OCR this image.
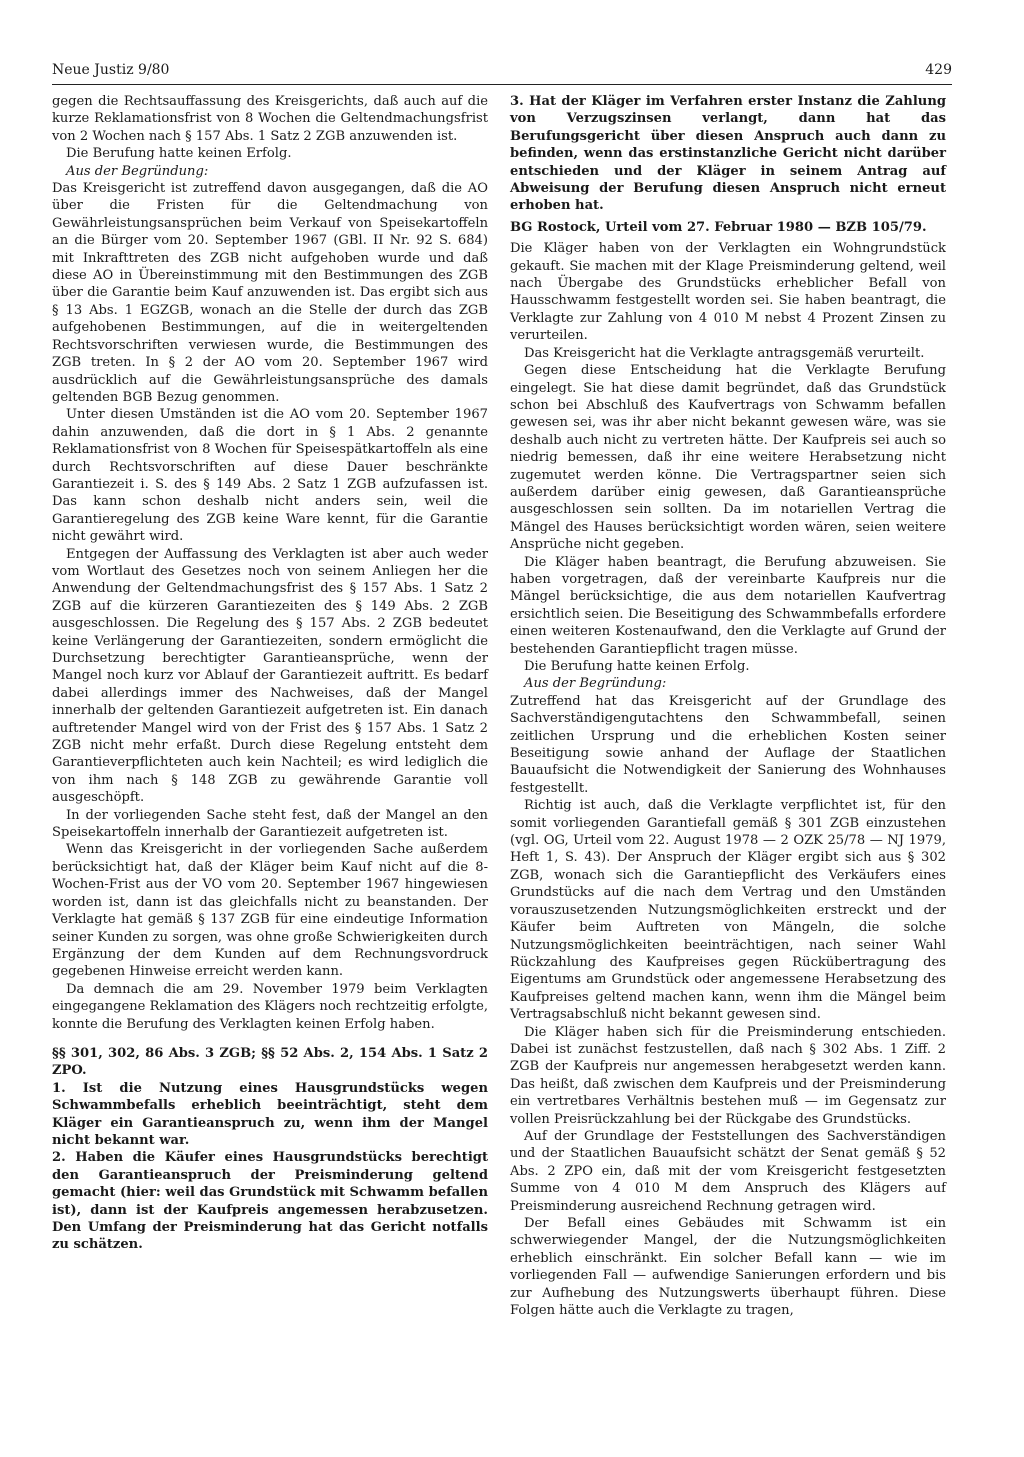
Neue Justiz 9/80	429

gegen die Rechtsauffassung des Kreisgerichts, daß auch auf die kurze Reklamationsfrist von 8 Wochen die Geltendmachungsfrist von 2 Wochen nach § 157 Abs. 1 Satz 2 ZGB anzuwenden ist.

Die Berufung hatte keinen Erfolg.

Aus der Begründung:

Das Kreisgericht ist zutreffend davon ausgegangen, daß die AO über die Fristen für die Geltendmachung von Gewährleistungsansprüchen beim Verkauf von Speisekartoffeln an die Bürger vom 20. September 1967 (GBl. II Nr. 92 S. 684) mit Inkrafttreten des ZGB nicht aufgehoben wurde und daß diese AO in Übereinstimmung mit den Bestimmungen des ZGB über die Garantie beim Kauf anzuwenden ist. Das ergibt sich aus § 13 Abs. 1 EGZGB, wonach an die Stelle der durch das ZGB aufgehobenen Bestimmungen, auf die in weitergeltenden Rechtsvorschriften verwiesen wurde, die Bestimmungen des ZGB treten. In § 2 der AO vom 20. September 1967 wird ausdrücklich auf die Gewährleistungsansprüche des damals geltenden BGB Bezug genommen.

Unter diesen Umständen ist die AO vom 20. September 1967 dahin anzuwenden, daß die dort in § 1 Abs. 2 genannte Reklamationsfrist von 8 Wochen für Speisespätkartoffeln als eine durch Rechtsvorschriften auf diese Dauer beschränkte Garantiezeit i. S. des § 149 Abs. 2 Satz 1 ZGB aufzufassen ist. Das kann schon deshalb nicht anders sein, weil die Garantieregelung des ZGB keine Ware kennt, für die Garantie nicht gewährt wird.

Entgegen der Auffassung des Verklagten ist aber auch weder vom Wortlaut des Gesetzes noch von seinem Anliegen her die Anwendung der Geltendmachungsfrist des § 157 Abs. 1 Satz 2 ZGB auf die kürzeren Garantiezeiten des § 149 Abs. 2 ZGB ausgeschlossen. Die Regelung des § 157 Abs. 2 ZGB bedeutet keine Verlängerung der Garantiezeiten, sondern ermöglicht die Durchsetzung berechtigter Garantieansprüche, wenn der Mangel noch kurz vor Ablauf der Garantiezeit auftritt. Es bedarf dabei allerdings immer des Nachweises, daß der Mangel innerhalb der geltenden Garantiezeit aufgetreten ist. Ein danach auftretender Mangel wird von der Frist des § 157 Abs. 1 Satz 2 ZGB nicht mehr erfaßt. Durch diese Regelung entsteht dem Garantieverpflichteten auch kein Nachteil; es wird lediglich die von ihm nach § 148 ZGB zu gewährende Garantie voll ausgeschöpft.

In der vorliegenden Sache steht fest, daß der Mangel an den Speisekartoffeln innerhalb der Garantiezeit aufgetreten ist.

Wenn das Kreisgericht in der vorliegenden Sache außerdem berücksichtigt hat, daß der Kläger beim Kauf nicht auf die 8-Wochen-Frist aus der VO vom 20. September 1967 hingewiesen worden ist, dann ist das gleichfalls nicht zu beanstanden. Der Verklagte hat gemäß § 137 ZGB für eine eindeutige Information seiner Kunden zu sorgen, was ohne große Schwierigkeiten durch Ergänzung der dem Kunden auf dem Rechnungsvordruck gegebenen Hinweise erreicht werden kann.

Da demnach die am 29. November 1979 beim Verklagten eingegangene Reklamation des Klägers noch rechtzeitig erfolgte, konnte die Berufung des Verklagten keinen Erfolg haben.

§§ 301, 302, 86 Abs. 3 ZGB; §§ 52 Abs. 2, 154 Abs. 1 Satz 2 ZPO.

1. Ist die Nutzung eines Hausgrundstücks wegen Schwammbefalls erheblich beeinträchtigt, steht dem Kläger ein Garantieanspruch zu, wenn ihm der Mangel nicht bekannt war.

2. Haben die Käufer eines Hausgrundstücks berechtigt den Garantieanspruch der Preisminderung geltend gemacht (hier: weil das Grundstück mit Schwamm befallen ist), dann ist der Kaufpreis angemessen herabzusetzen. Den Umfang der Preisminderung hat das Gericht notfalls zu schätzen.

3. Hat der Kläger im Verfahren erster Instanz die Zahlung von Verzugszinsen verlangt, dann hat das Berufungsgericht über diesen Anspruch auch dann zu befinden, wenn das erstinstanzliche Gericht nicht darüber entschieden und der Kläger in seinem Antrag auf Abweisung der Berufung diesen Anspruch nicht erneut erhoben hat.

BG Rostock, Urteil vom 27. Februar 1980 — BZB 105/79.

Die Kläger haben von der Verklagten ein Wohngrundstück gekauft. Sie machen mit der Klage Preisminderung geltend, weil nach Übergabe des Grundstücks erheblicher Befall von Hausschwamm festgestellt worden sei. Sie haben beantragt, die Verklagte zur Zahlung von 4 010 M nebst 4 Prozent Zinsen zu verurteilen.

Das Kreisgericht hat die Verklagte antragsgemäß verurteilt.

Gegen diese Entscheidung hat die Verklagte Berufung eingelegt. Sie hat diese damit begründet, daß das Grundstück schon bei Abschluß des Kaufvertrags von Schwamm befallen gewesen sei, was ihr aber nicht bekannt gewesen wäre, was sie deshalb auch nicht zu vertreten hätte. Der Kaufpreis sei auch so niedrig bemessen, daß ihr eine weitere Herabsetzung nicht zugemutet werden könne. Die Vertragspartner seien sich außerdem darüber einig gewesen, daß Garantieansprüche ausgeschlossen sein sollten. Da im notariellen Vertrag die Mängel des Hauses berücksichtigt worden wären, seien weitere Ansprüche nicht gegeben.

Die Kläger haben beantragt, die Berufung abzuweisen. Sie haben vorgetragen, daß der vereinbarte Kaufpreis nur die Mängel berücksichtige, die aus dem notariellen Kaufvertrag ersichtlich seien. Die Beseitigung des Schwammbefalls erfordere einen weiteren Kostenaufwand, den die Verklagte auf Grund der bestehenden Garantiepflicht tragen müsse.

Die Berufung hatte keinen Erfolg.

Aus der Begründung:

Zutreffend hat das Kreisgericht auf der Grundlage des Sachverständigengutachtens den Schwammbefall, seinen zeitlichen Ursprung und die erheblichen Kosten seiner Beseitigung sowie anhand der Auflage der Staatlichen Bauaufsicht die Notwendigkeit der Sanierung des Wohnhauses festgestellt.

Richtig ist auch, daß die Verklagte verpflichtet ist, für den somit vorliegenden Garantiefall gemäß § 301 ZGB einzustehen (vgl. OG, Urteil vom 22. August 1978 — 2 OZK 25/78 — NJ 1979, Heft 1, S. 43). Der Anspruch der Kläger ergibt sich aus § 302 ZGB, wonach sich die Garantiepflicht des Verkäufers eines Grundstücks auf die nach dem Vertrag und den Umständen vorauszusetzenden Nutzungsmöglichkeiten erstreckt und der Käufer beim Auftreten von Mängeln, die solche Nutzungsmöglichkeiten beeinträchtigen, nach seiner Wahl Rückzahlung des Kaufpreises gegen Rückübertragung des Eigentums am Grundstück oder angemessene Herabsetzung des Kaufpreises geltend machen kann, wenn ihm die Mängel beim Vertragsabschluß nicht bekannt gewesen sind.

Die Kläger haben sich für die Preisminderung entschieden. Dabei ist zunächst festzustellen, daß nach § 302 Abs. 1 Ziff. 2 ZGB der Kaufpreis nur angemessen herabgesetzt werden kann. Das heißt, daß zwischen dem Kaufpreis und der Preisminderung ein vertretbares Verhältnis bestehen muß — im Gegensatz zur vollen Preisrückzahlung bei der Rückgabe des Grundstücks.

Auf der Grundlage der Feststellungen des Sachverständigen und der Staatlichen Bauaufsicht schätzt der Senat gemäß § 52 Abs. 2 ZPO ein, daß mit der vom Kreisgericht festgesetzten Summe von 4 010 M dem Anspruch des Klägers auf Preisminderung ausreichend Rechnung getragen wird.

Der Befall eines Gebäudes mit Schwamm ist ein schwerwiegender Mangel, der die Nutzungsmöglichkeiten erheblich einschränkt. Ein solcher Befall kann — wie im vorliegenden Fall — aufwendige Sanierungen erfordern und bis zur Aufhebung des Nutzungswerts überhaupt führen. Diese Folgen hätte auch die Verklagte zu tragen,
